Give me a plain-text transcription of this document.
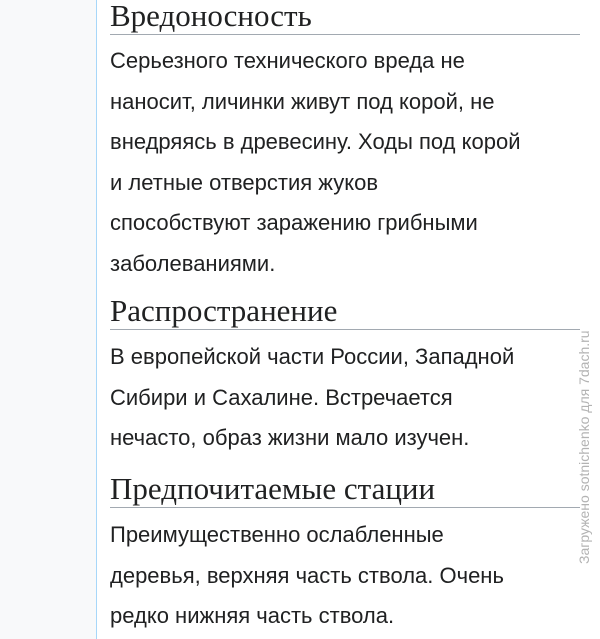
Вредоносность
Серьезного технического вреда не
наносит, личинки живут под корой, не
внедряясь в древесину. Ходы под корой
и летные отверстия жуков
способствуют заражению грибными
заболеваниями.
Распространение
В европейской части России, Западной
Сибири и Сахалине. Встречается
нечасто, образ жизни мало изучен.
Предпочитаемые стации
Преимущественно ослабленные
деревья, верхняя часть ствола. Очень
редко нижняя часть ствола.
Загружено sotnichenko для 7dach.ru
